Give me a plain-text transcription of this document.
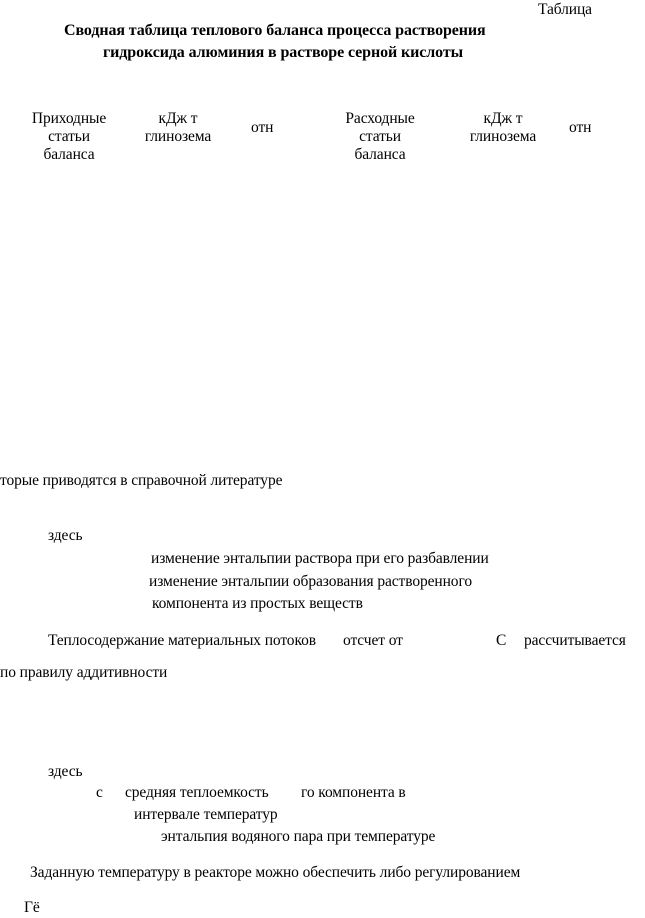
Таблица
Сводная таблица теплового баланса процесса растворения
гидроксида алюминия в растворе серной кислоты
Приходные
статьи
баланса
кДж т
глинозема
отн
Расходные
статьи
баланса
кДж т
глинозема
отн
торые приводятся в справочной литературе
здесь
изменение энтальпии раствора при его разбавлении
изменение энтальпии образования растворенного
компонента из простых веществ
Теплосодержание материальных потоков отсчет от	С рассчитывается
по правилу аддитивности
здесь
с средняя теплоемкость го компонента в
интервале температур
энтальпия водяного пара при температуре
Заданную температуру в реакторе можно обеспечить либо регулированием
Гё
